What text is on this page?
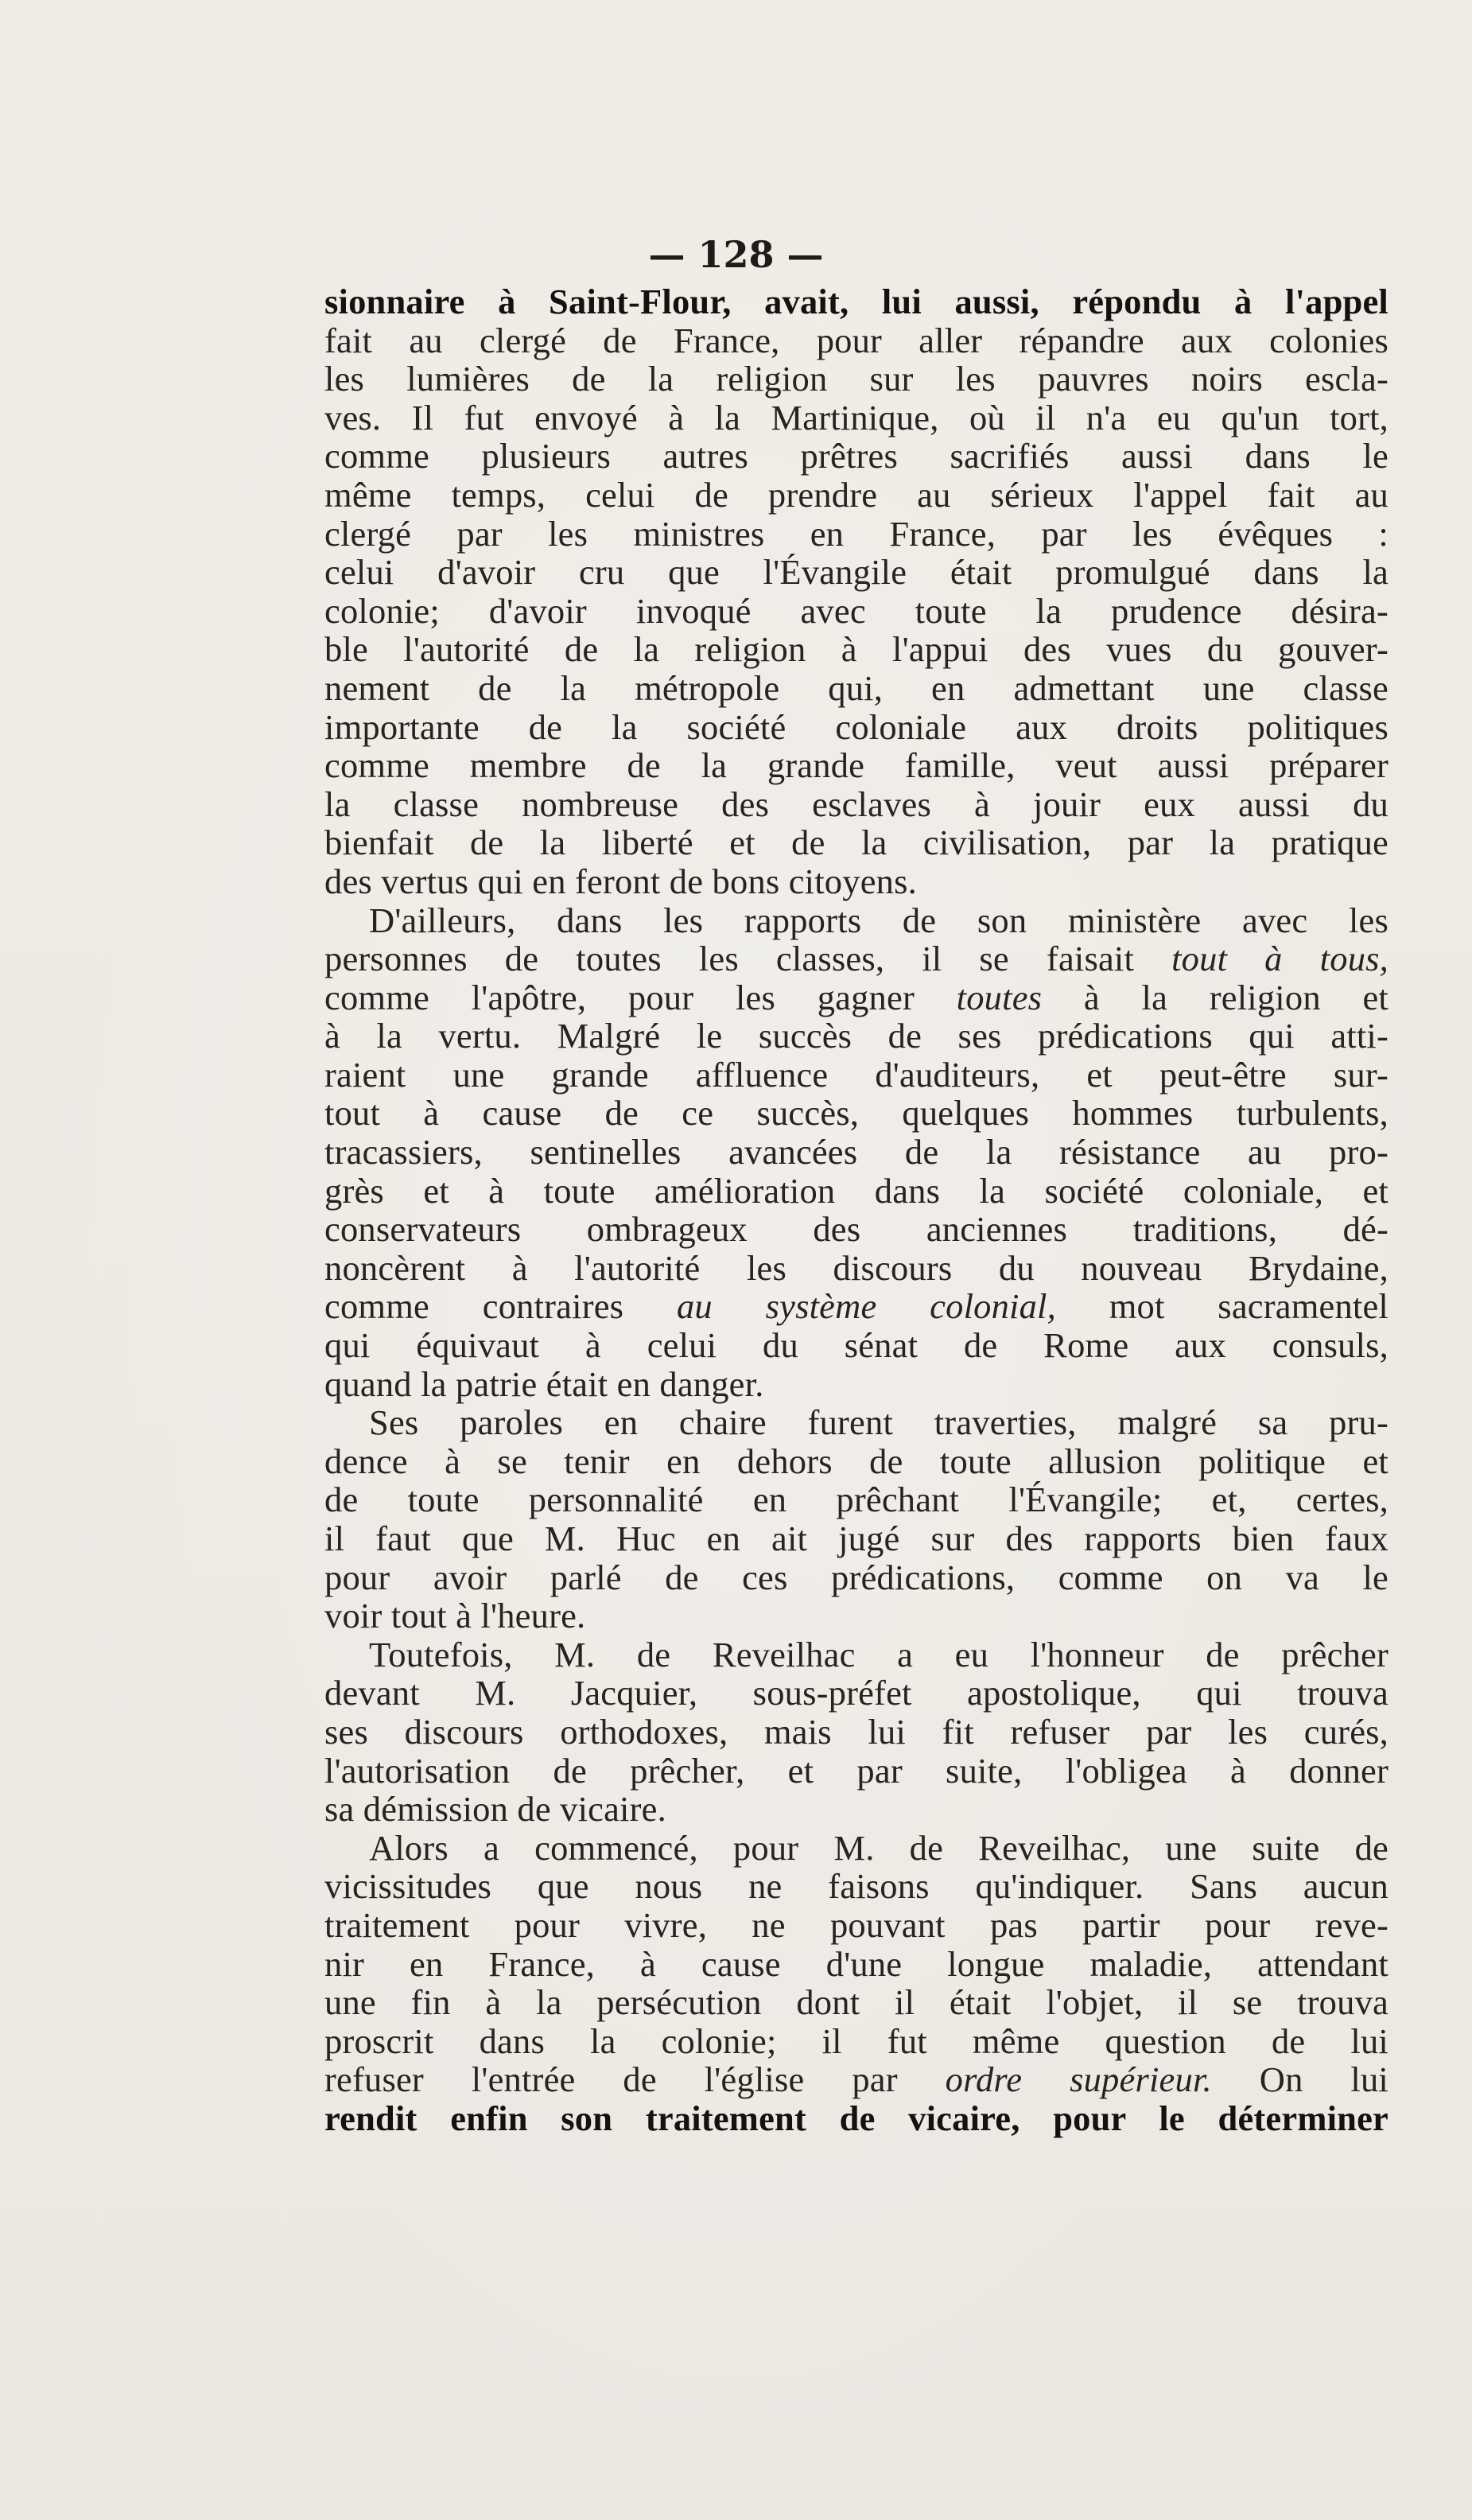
— 128 —
sionnaire à Saint-Flour, avait, lui aussi, répondu à l'appel
fait au clergé de France, pour aller répandre aux colonies
les lumières de la religion sur les pauvres noirs escla-
ves. Il fut envoyé à la Martinique, où il n'a eu qu'un tort,
comme plusieurs autres prêtres sacrifiés aussi dans le
même temps, celui de prendre au sérieux l'appel fait au
clergé par les ministres en France, par les évêques :
celui d'avoir cru que l'Évangile était promulgué dans la
colonie; d'avoir invoqué avec toute la prudence désira-
ble l'autorité de la religion à l'appui des vues du gouver-
nement de la métropole qui, en admettant une classe
importante de la société coloniale aux droits politiques
comme membre de la grande famille, veut aussi préparer
la classe nombreuse des esclaves à jouir eux aussi du
bienfait de la liberté et de la civilisation, par la pratique
des vertus qui en feront de bons citoyens.
D'ailleurs, dans les rapports de son ministère avec les
personnes de toutes les classes, il se faisait tout à tous,
comme l'apôtre, pour les gagner toutes à la religion et
à la vertu. Malgré le succès de ses prédications qui atti-
raient une grande affluence d'auditeurs, et peut-être sur-
tout à cause de ce succès, quelques hommes turbulents,
tracassiers, sentinelles avancées de la résistance au pro-
grès et à toute amélioration dans la société coloniale, et
conservateurs ombrageux des anciennes traditions, dé-
noncèrent à l'autorité les discours du nouveau Brydaine,
comme contraires au système colonial, mot sacramentel
qui équivaut à celui du sénat de Rome aux consuls,
quand la patrie était en danger.
Ses paroles en chaire furent traverties, malgré sa pru-
dence à se tenir en dehors de toute allusion politique et
de toute personnalité en prêchant l'Évangile; et, certes,
il faut que M. Huc en ait jugé sur des rapports bien faux
pour avoir parlé de ces prédications, comme on va le
voir tout à l'heure.
Toutefois, M. de Reveilhac a eu l'honneur de prêcher
devant M. Jacquier, sous-préfet apostolique, qui trouva
ses discours orthodoxes, mais lui fit refuser par les curés,
l'autorisation de prêcher, et par suite, l'obligea à donner
sa démission de vicaire.
Alors a commencé, pour M. de Reveilhac, une suite de
vicissitudes que nous ne faisons qu'indiquer. Sans aucun
traitement pour vivre, ne pouvant pas partir pour reve-
nir en France, à cause d'une longue maladie, attendant
une fin à la persécution dont il était l'objet, il se trouva
proscrit dans la colonie; il fut même question de lui
refuser l'entrée de l'église par ordre supérieur. On lui
rendit enfin son traitement de vicaire, pour le déterminer
